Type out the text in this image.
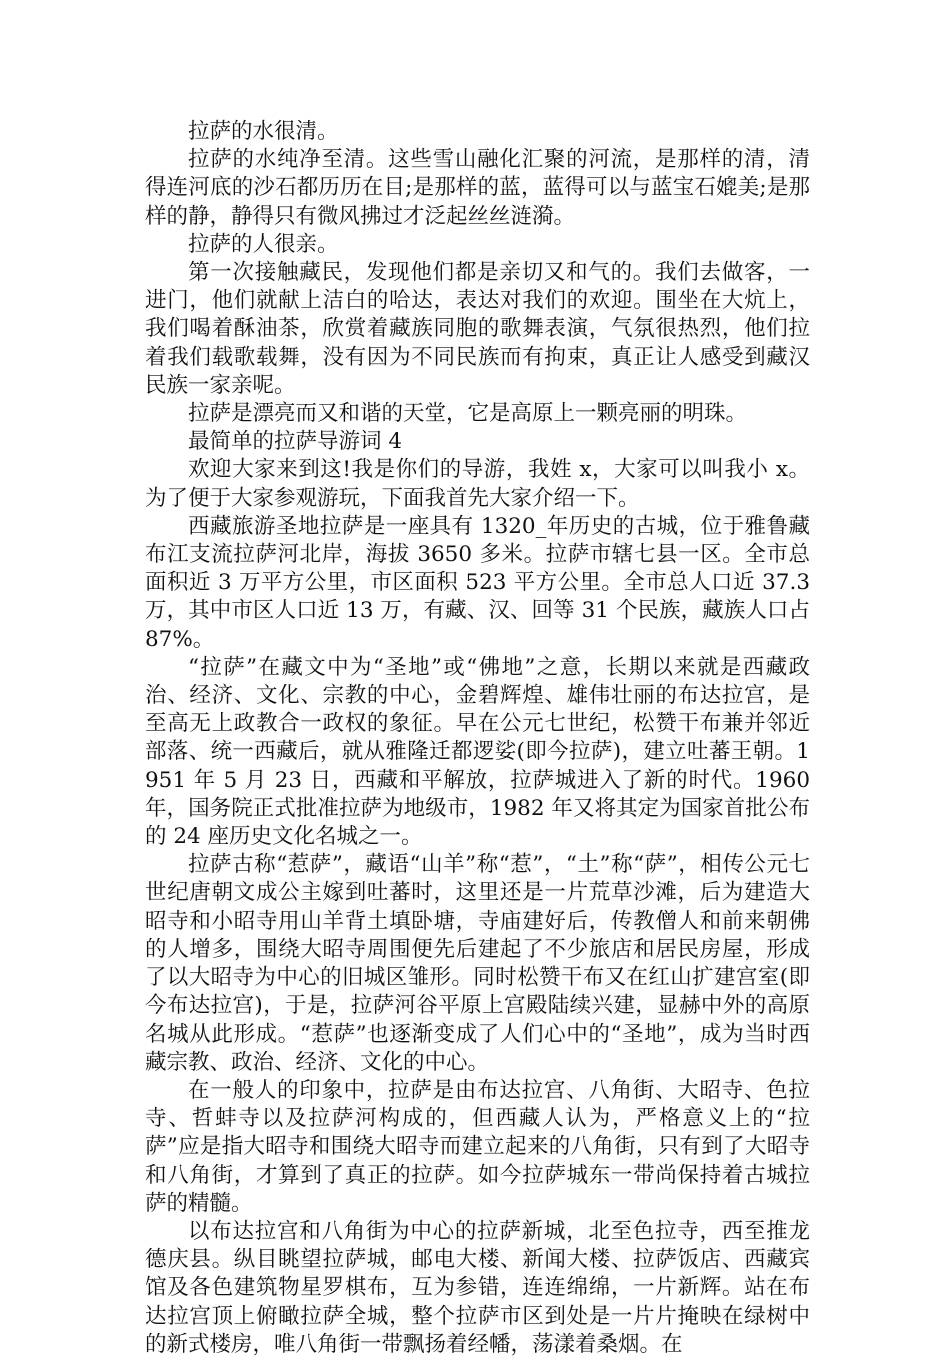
拉萨的水很清。

拉萨的水纯净至清。这些雪山融化汇聚的河流，是那样的清，清得连河底的沙石都历历在目;是那样的蓝，蓝得可以与蓝宝石媲美;是那样的静，静得只有微风拂过才泛起丝丝涟漪。

拉萨的人很亲。

第一次接触藏民，发现他们都是亲切又和气的。我们去做客，一进门，他们就献上洁白的哈达，表达对我们的欢迎。围坐在大炕上，我们喝着酥油茶，欣赏着藏族同胞的歌舞表演，气氛很热烈，他们拉着我们载歌载舞，没有因为不同民族而有拘束，真正让人感受到藏汉民族一家亲呢。

拉萨是漂亮而又和谐的天堂，它是高原上一颗亮丽的明珠。

最简单的拉萨导游词 4

欢迎大家来到这!我是你们的导游，我姓 x，大家可以叫我小 x。为了便于大家参观游玩，下面我首先大家介绍一下。

西藏旅游圣地拉萨是一座具有 1320_年历史的古城，位于雅鲁藏布江支流拉萨河北岸，海拔 3650 多米。拉萨市辖七县一区。全市总面积近 3 万平方公里，市区面积 523 平方公里。全市总人口近 37.3 万，其中市区人口近 13 万，有藏、汉、回等 31 个民族，藏族人口占 87%。

“拉萨”在藏文中为“圣地”或“佛地”之意，长期以来就是西藏政治、经济、文化、宗教的中心，金碧辉煌、雄伟壮丽的布达拉宫，是至高无上政教合一政权的象征。早在公元七世纪，松赞干布兼并邻近部落、统一西藏后，就从雅隆迁都逻娑(即今拉萨)，建立吐蕃王朝。1951 年 5 月 23 日，西藏和平解放，拉萨城进入了新的时代。1960 年，国务院正式批准拉萨为地级市，1982 年又将其定为国家首批公布的 24 座历史文化名城之一。

拉萨古称“惹萨”，藏语“山羊”称“惹”，“土”称“萨”，相传公元七世纪唐朝文成公主嫁到吐蕃时，这里还是一片荒草沙滩，后为建造大昭寺和小昭寺用山羊背土填卧塘，寺庙建好后，传教僧人和前来朝佛的人增多，围绕大昭寺周围便先后建起了不少旅店和居民房屋，形成了以大昭寺为中心的旧城区雏形。同时松赞干布又在红山扩建宫室(即今布达拉宫)，于是，拉萨河谷平原上宫殿陆续兴建，显赫中外的高原名城从此形成。“惹萨”也逐渐变成了人们心中的“圣地”，成为当时西藏宗教、政治、经济、文化的中心。

在一般人的印象中，拉萨是由布达拉宫、八角街、大昭寺、色拉寺、哲蚌寺以及拉萨河构成的，但西藏人认为，严格意义上的“拉萨”应是指大昭寺和围绕大昭寺而建立起来的八角街，只有到了大昭寺和八角街，才算到了真正的拉萨。如今拉萨城东一带尚保持着古城拉萨的精髓。

以布达拉宫和八角街为中心的拉萨新城，北至色拉寺，西至推龙德庆县。纵目眺望拉萨城，邮电大楼、新闻大楼、拉萨饭店、西藏宾馆及各色建筑物星罗棋布，互为参错，连连绵绵，一片新辉。站在布达拉宫顶上俯瞰拉萨全城，整个拉萨市区到处是一片片掩映在绿树中的新式楼房，唯八角街一带飘扬着经幡，荡漾着桑烟。在
